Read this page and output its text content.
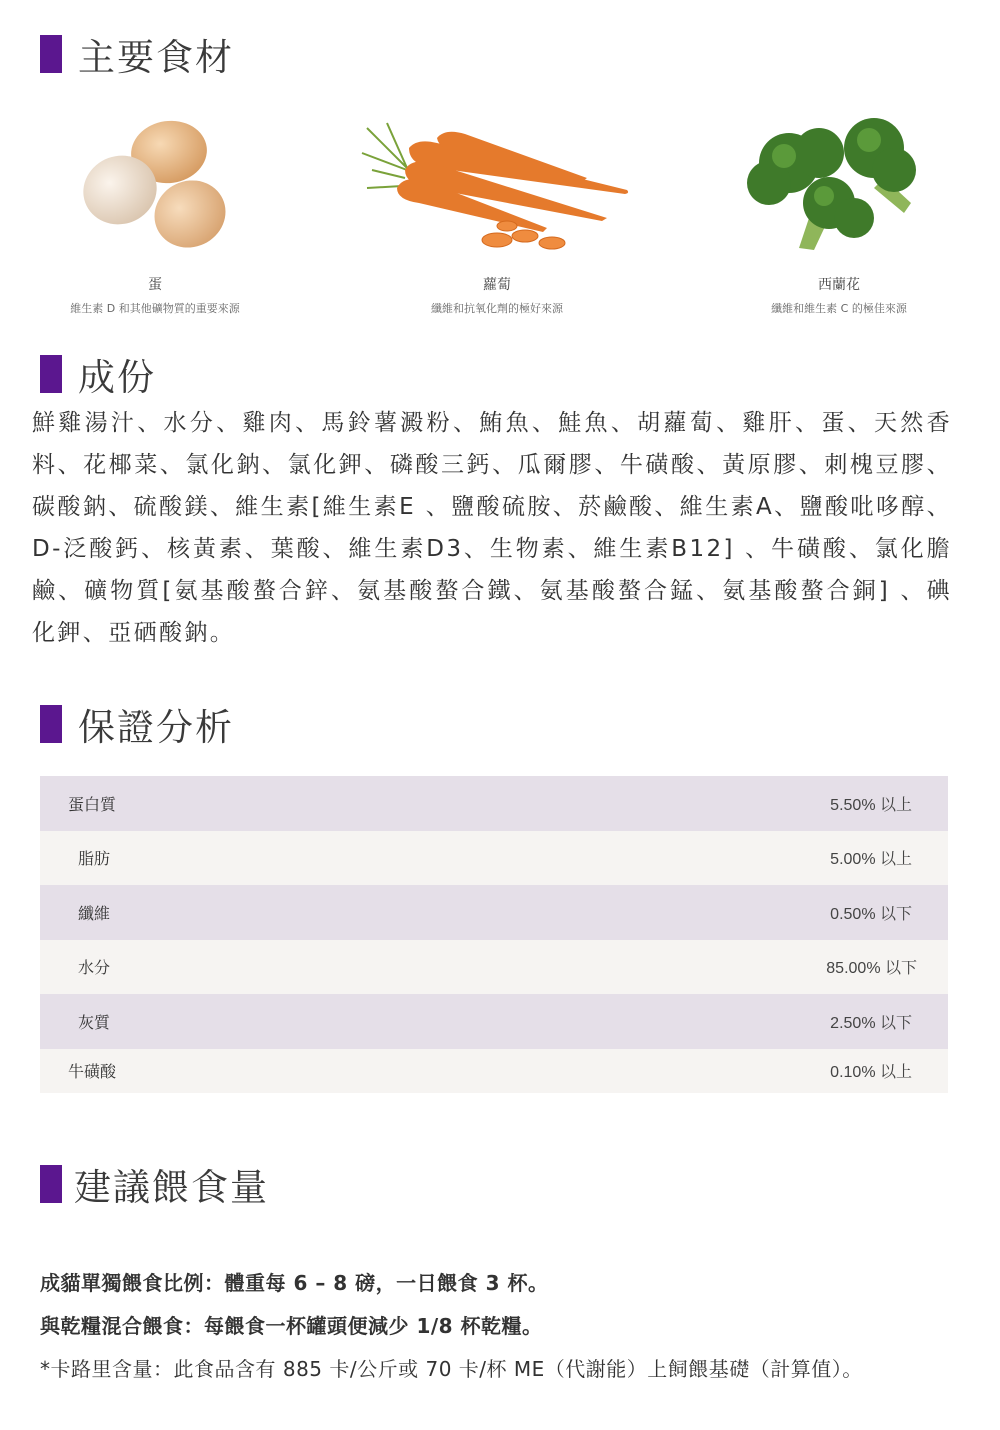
主要食材
蛋
維生素 D 和其他礦物質的重要來源
蘿蔔
纖維和抗氧化劑的極好來源
西蘭花
纖維和維生素 C 的極佳來源
成份
鮮雞湯汁、水分、雞肉、馬鈴薯澱粉、鮪魚、鮭魚、胡蘿蔔、雞肝、蛋、天然香料、花椰菜、氯化鈉、氯化鉀、磷酸三鈣、瓜爾膠、牛磺酸、黃原膠、刺槐豆膠、碳酸鈉、硫酸鎂、維生素[維生素E 、鹽酸硫胺、菸鹼酸、維生素A、鹽酸吡哆醇、 D-泛酸鈣、核黃素、葉酸、維生素D3、生物素、維生素B12] 、牛磺酸、氯化膽鹼、礦物質[氨基酸螯合鋅、氨基酸螯合鐵、氨基酸螯合錳、氨基酸螯合銅] 、碘化鉀、亞硒酸鈉。
保證分析
蛋白質	5.50% 以上
脂肪	5.00% 以上
纖維	0.50% 以下
水分	85.00% 以下
灰質	2.50% 以下
牛磺酸	0.10% 以上
建議餵食量

成貓單獨餵食比例：體重每 6 – 8 磅，一日餵食 3 杯。

與乾糧混合餵食：每餵食一杯罐頭便減少 1/8 杯乾糧。

*卡路里含量：此食品含有 885 卡/公斤或 70 卡/杯 ME（代謝能）上飼餵基礎（計算值）。
